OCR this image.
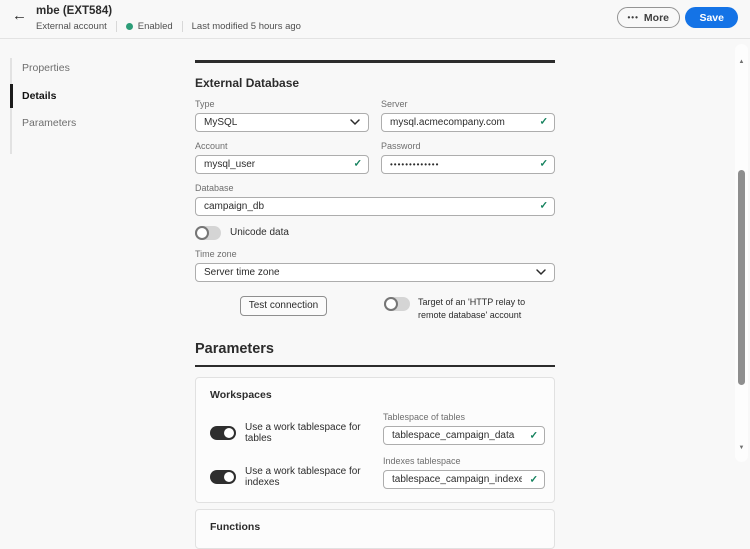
← mbe (EXT584)
External account	Enabled Last modified 5 hours ago
••• More	Save
Properties
Details
Parameters
External Database
Type
MySQL
Server
mysql.acmecompany.com
✓
Account
mysql_user
✓
Password
•••••••••••••
✓
Database
campaign_db
✓
Unicode data
Time zone
Server time zone
Test connection	Target of an 'HTTP relay to remote database' account
Parameters
Workspaces
Use a work tablespace for tables
Tablespace of tables
tablespace_campaign_data
✓
Use a work tablespace for indexes
Indexes tablespace
tablespace_campaign_indexes
✓
Functions
▲
▼
